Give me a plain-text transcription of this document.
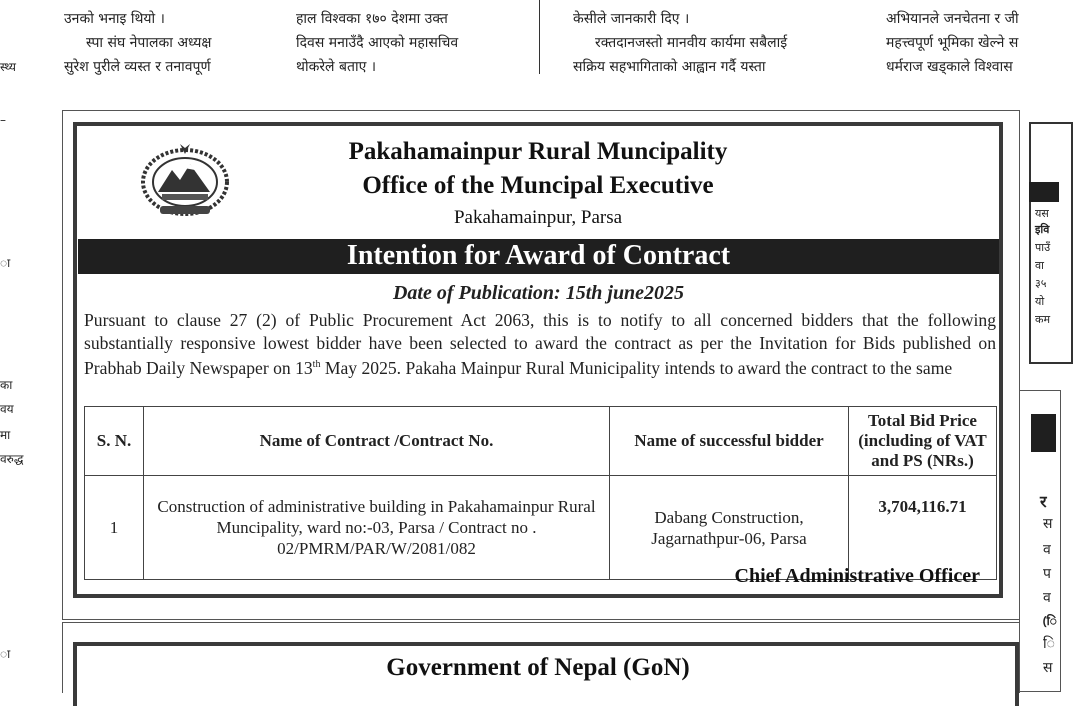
उनको भनाइ थियो ।
स्पा संघ नेपालका अध्यक्ष
सुरेश पुरीले व्यस्त र तनावपूर्ण
हाल विश्वका १७० देशमा उक्त
दिवस मनाउँदै आएको महासचिव
थोकरेले बताए ।
केसीले जानकारी दिए ।
रक्तदानजस्तो मानवीय कार्यमा सबैलाई
सक्रिय सहभागिताको आह्वान गर्दै यस्ता
अभियानले जनचेतना र जी
महत्त्वपूर्ण भूमिका खेल्ने स
धर्मराज खड्काले विश्वास
स्थ्य
–
ा
का
वय
मा
वरुद्ध
ा
Pakahamainpur Rural Muncipality
Office of the Muncipal Executive
Pakahamainpur, Parsa
Intention for Award of Contract
Date of Publication: 15th june2025
Pursuant to clause 27 (2) of Public Procurement Act 2063, this is to notify to all concerned bidders that the following substantially responsive lowest bidder have been selected to award the contract as per the Invitation for Bids published on Prabhab Daily Newspaper on 13th May 2025. Pakaha Mainpur Rural Municipality intends to award the contract to the same
S. N.	Name of Contract /Contract No.	Name of successful bidder	Total Bid Price (including of VAT and PS (NRs.)
1	Construction of administrative building in Pakahamainpur Rural Muncipality, ward no:-03, Parsa / Contract no . 02/PMRM/PAR/W/2081/082	Dabang Construction, Jagarnathpur-06, Parsa	3,704,116.71
Chief Administrative Officer
Government of Nepal (GoN)
यस
इवि
पाउँ
वा
३५
यो
कम
र
स
व
प
व
(ि
ि
स
